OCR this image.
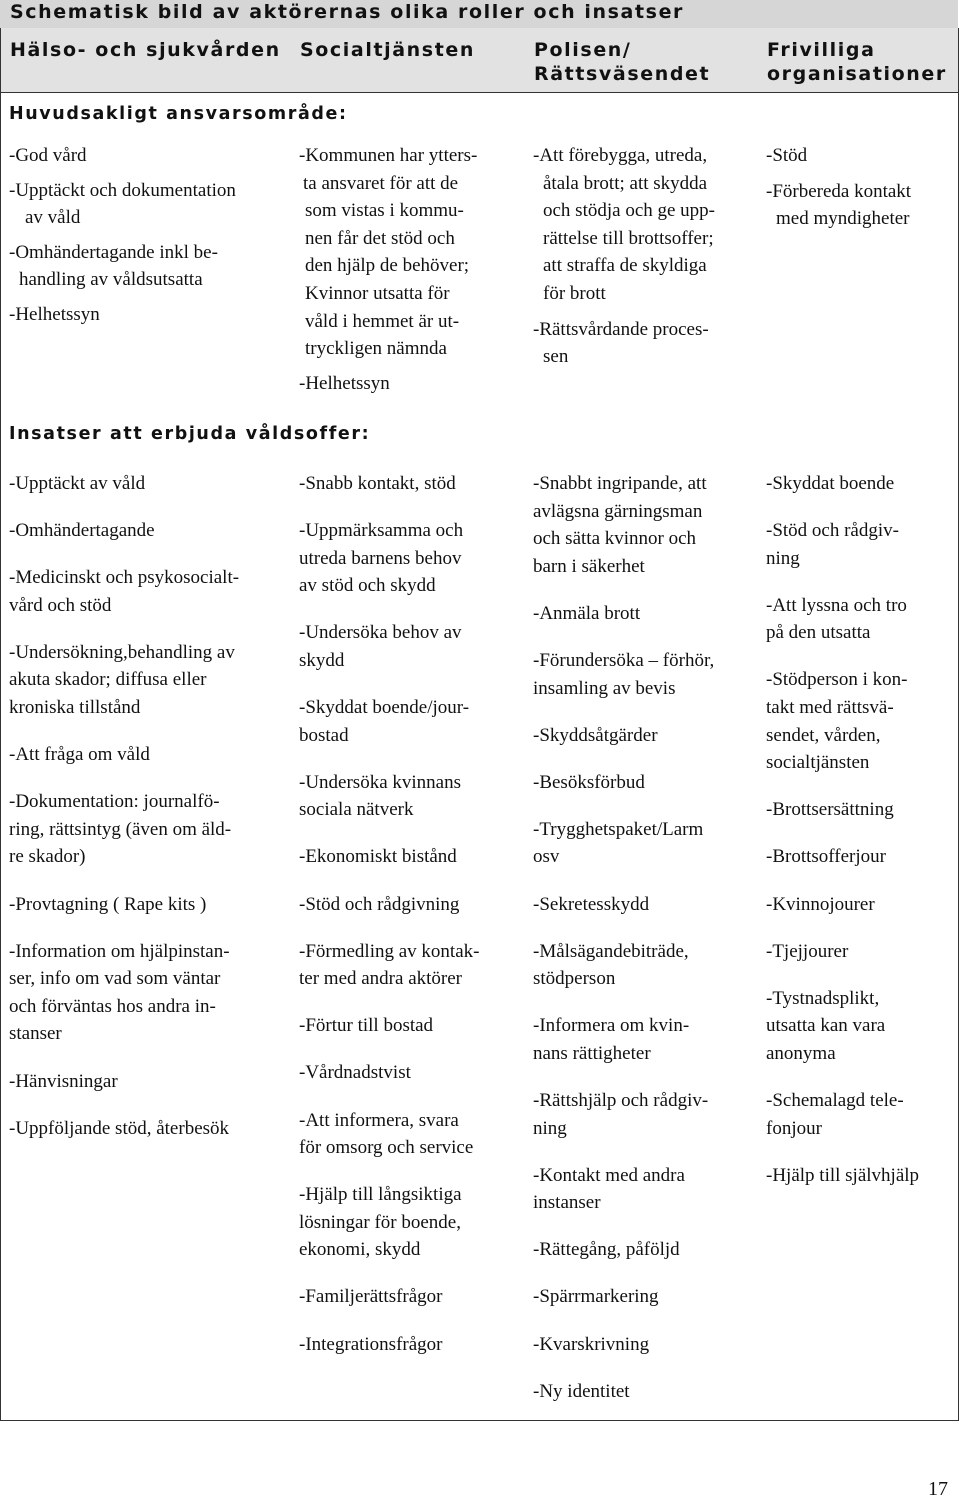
Schematisk bild av aktörernas olika roller och insatser
Hälso- och sjukvården Socialtjänsten	Polisen/
Rättsväsendet
Frivilliga
organisationer
Huvudsakligt ansvarsområde:
Insatser att erbjuda våldsoffer:

-God vård

-Upptäckt och dokumentation
av våld

-Omhändertagande inkl be-
handling av våldsutsatta

-Helhetssyn

-Kommunen har ytters-
ta ansvaret för att de
som vistas i kommu-
nen får det stöd och
den hjälp de behöver;
Kvinnor utsatta för
våld i hemmet är ut-
tryckligen nämnda

-Helhetssyn

-Att förebygga, utreda,
åtala brott; att skydda
och stödja och ge upp-
rättelse till brottsoffer;
att straffa de skyldiga
för brott

-Rättsvårdande proces-
sen

-Stöd

-Förbereda kontakt
med myndigheter

-Upptäckt av våld

-Omhändertagande

-Medicinskt och psykosocialt-
vård och stöd

-Undersökning,behandling av
akuta skador; diffusa eller
kroniska tillstånd

-Att fråga om våld

-Dokumentation: journalfö-
ring, rättsintyg (även om äld-
re skador)

-Provtagning ( Rape kits )

-Information om hjälpinstan-
ser, info om vad som väntar
och förväntas hos andra in-
stanser

-Hänvisningar

-Uppföljande stöd, återbesök

-Snabb kontakt, stöd

-Uppmärksamma och
utreda barnens behov
av stöd och skydd

-Undersöka behov av
skydd

-Skyddat boende/jour-
bostad

-Undersöka kvinnans
sociala nätverk

-Ekonomiskt bistånd

-Stöd och rådgivning

-Förmedling av kontak-
ter med andra aktörer

-Förtur till bostad

-Vårdnadstvist

-Att informera, svara
för omsorg och service

-Hjälp till långsiktiga
lösningar för boende,
ekonomi, skydd

-Familjerättsfrågor

-Integrationsfrågor

-Snabbt ingripande, att
avlägsna gärningsman
och sätta kvinnor och
barn i säkerhet

-Anmäla brott

-Förundersöka – förhör,
insamling av bevis

-Skyddsåtgärder

-Besöksförbud

-Trygghetspaket/Larm
osv

-Sekretesskydd

-Målsägandebiträde,
stödperson

-Informera om kvin-
nans rättigheter

-Rättshjälp och rådgiv-
ning

-Kontakt med andra
instanser

-Rättegång, påföljd

-Spärrmarkering

-Kvarskrivning

-Ny identitet

-Skyddat boende

-Stöd och rådgiv-
ning

-Att lyssna och tro
på den utsatta

-Stödperson i kon-
takt med rättsvä-
sendet, vården,
socialtjänsten

-Brottsersättning

-Brottsofferjour

-Kvinnojourer

-Tjejjourer

-Tystnadsplikt,
utsatta kan vara
anonyma

-Schemalagd tele-
fonjour

-Hjälp till självhjälp

17
